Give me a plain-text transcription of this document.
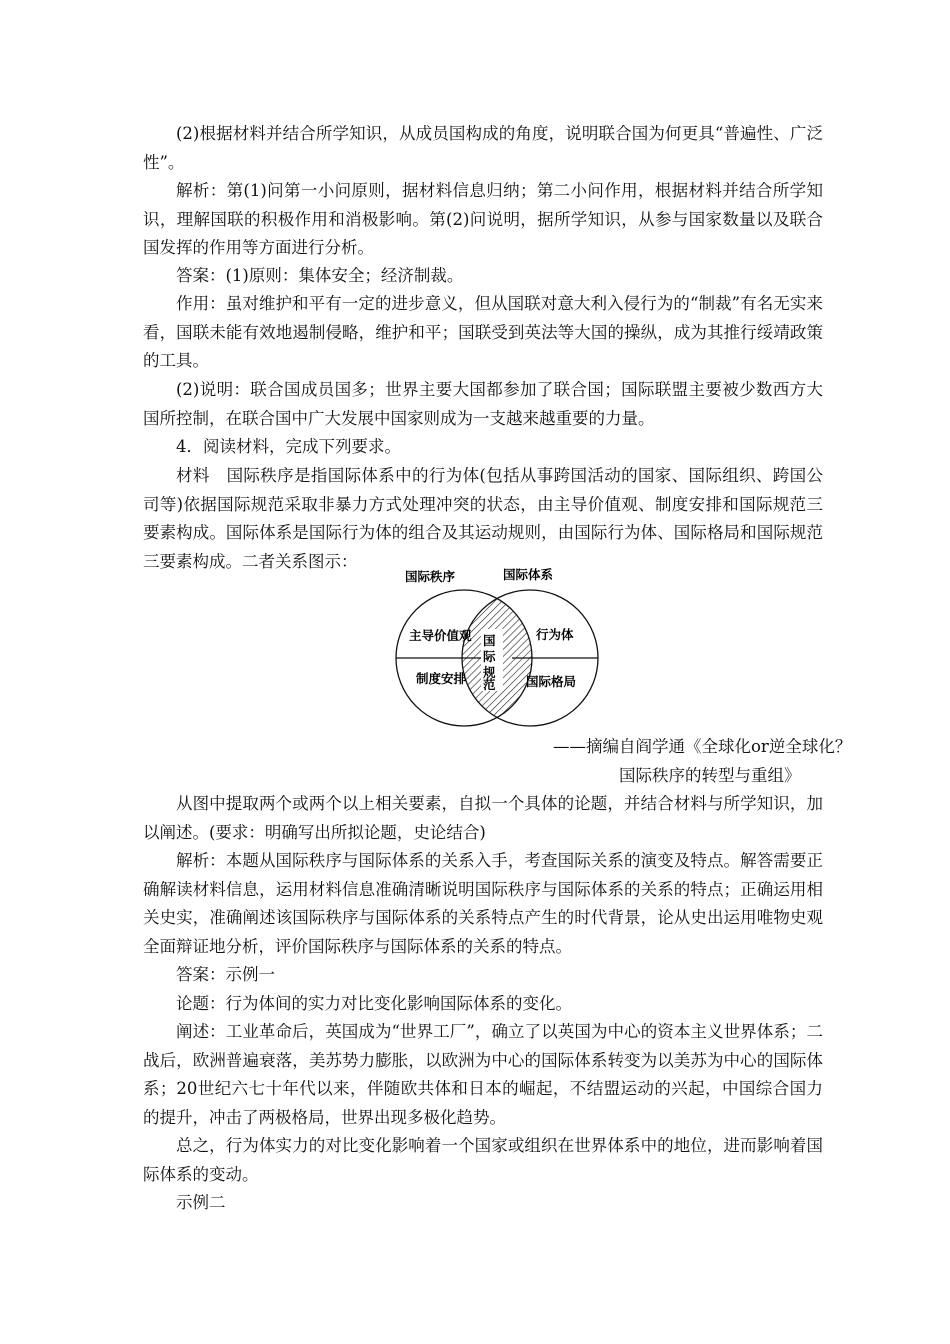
(2)根据材料并结合所学知识，从成员国构成的角度，说明联合国为何更具“普遍性、广泛性”。
解析：第(1)问第一小问原则，据材料信息归纳；第二小问作用，根据材料并结合所学知识，理解国联的积极作用和消极影响。第(2)问说明，据所学知识，从参与国家数量以及联合国发挥的作用等方面进行分析。
答案：(1)原则：集体安全；经济制裁。
作用：虽对维护和平有一定的进步意义，但从国联对意大利入侵行为的“制裁”有名无实来看，国联未能有效地遏制侵略，维护和平；国联受到英法等大国的操纵，成为其推行绥靖政策的工具。
(2)说明：联合国成员国多；世界主要大国都参加了联合国；国际联盟主要被少数西方大国所控制，在联合国中广大发展中国家则成为一支越来越重要的力量。
4．阅读材料，完成下列要求。
材料　国际秩序是指国际体系中的行为体(包括从事跨国活动的国家、国际组织、跨国公司等)依据国际规范采取非暴力方式处理冲突的状态，由主导价值观、制度安排和国际规范三要素构成。国际体系是国际行为体的组合及其运动规则，由国际行为体、国际格局和国际规范三要素构成。二者关系图示：
国际秩序	国际体系
主导价值观
制度安排
国
际
规
范
行为体
国际格局
——摘编自阎学通《全球化or逆全球化？
国际秩序的转型与重组》
从图中提取两个或两个以上相关要素，自拟一个具体的论题，并结合材料与所学知识，加以阐述。(要求：明确写出所拟论题，史论结合)
解析：本题从国际秩序与国际体系的关系入手，考查国际关系的演变及特点。解答需要正确解读材料信息，运用材料信息准确清晰说明国际秩序与国际体系的关系的特点；正确运用相关史实，准确阐述该国际秩序与国际体系的关系特点产生的时代背景，论从史出运用唯物史观全面辩证地分析，评价国际秩序与国际体系的关系的特点。
答案：示例一
论题：行为体间的实力对比变化影响国际体系的变化。
阐述：工业革命后，英国成为“世界工厂”，确立了以英国为中心的资本主义世界体系；二战后，欧洲普遍衰落，美苏势力膨胀，以欧洲为中心的国际体系转变为以美苏为中心的国际体系；20世纪六七十年代以来，伴随欧共体和日本的崛起，不结盟运动的兴起，中国综合国力的提升，冲击了两极格局，世界出现多极化趋势。
总之，行为体实力的对比变化影响着一个国家或组织在世界体系中的地位，进而影响着国际体系的变动。
示例二
